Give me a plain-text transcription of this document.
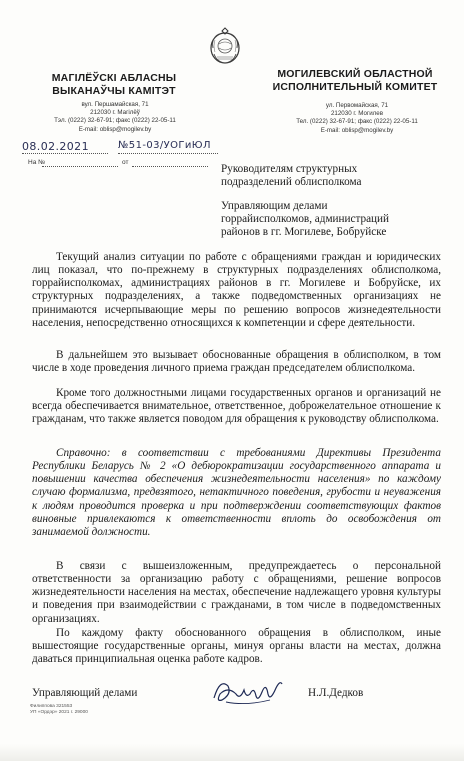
МАГІЛЁЎСКІ АБЛАСНЫ
ВЫКАНАЎЧЫ КАМІТЭТ
вул. Першамайская, 71
212030 г. Магілёў
Тэл. (0222) 32-67-91; факс (0222) 22-05-11
E-mail: oblisp@mogilev.by
МОГИЛЕВСКИЙ ОБЛАСТНОЙ
ИСПОЛНИТЕЛЬНЫЙ КОМИТЕТ
ул. Первомайская, 71
212030 г. Могилев
Тел. (0222) 32-67-91; факс (0222) 22-05-11
E-mail: oblisp@mogilev.by
08.02.2021	№51-03/УОГиЮЛ
На №	от
Руководителям структурных
подразделений облисполкома
Управляющим делами
горрайисполкомов, администраций
районов в гг. Могилеве, Бобруйске

Текущий анализ ситуации по работе с обращениями граждан и юридических лиц показал, что по-прежнему в структурных подразделениях облисполкома, горрайисполкомах, администрациях районов в гг. Могилеве и Бобруйске, их структурных подразделениях, а также подведомственных организациях не принимаются исчерпывающие меры по решению вопросов жизнедеятельности населения, непосредственно относящихся к компетенции и сфере деятельности.

В дальнейшем это вызывает обоснованные обращения в облисполком, в том числе в ходе проведения личного приема граждан председателем облисполкома.

Кроме того должностными лицами государственных органов и организаций не всегда обеспечивается внимательное, ответственное, доброжелательное отношение к гражданам, что также является поводом для обращения к руководству облисполкома.

Справочно: в соответствии с требованиями Директивы Президента Республики Беларусь № 2 «О дебюрократизации государственного аппарата и повышении качества обеспечения жизнедеятельности населения» по каждому случаю формализма, предвзятого, нетактичного поведения, грубости и неуважения к людям проводится проверка и при подтверждении соответствующих фактов виновные привлекаются к ответственности вплоть до освобождения от занимаемой должности.

В связи с вышеизложенным, предупреждаетесь о персональной ответственности за организацию работу с обращениями, решение вопросов жизнедеятельности населения на местах, обеспечение надлежащего уровня культуры и поведения при взаимодействии с гражданами, в том числе в подведомственных организациях.

По каждому факту обоснованного обращения в облисполком, иные вышестоящие государственные органы, минуя органы власти на местах, должна даваться принципиальная оценка работе кадров.

Управляющий делами	Н.Л.Дедков
Филиппова 321553
УП «Ордэр» 2021 г. 29000
